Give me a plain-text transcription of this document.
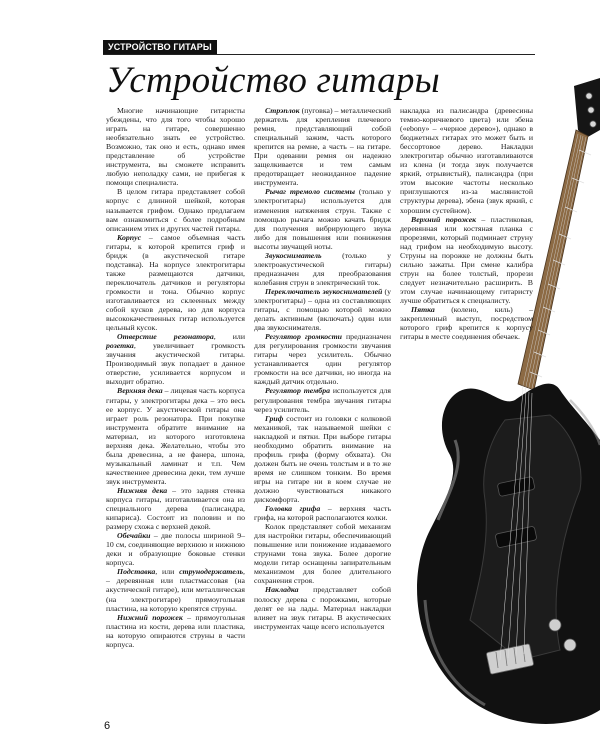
УСТРОЙСТВО ГИТАРЫ
Устройство гитары

Многие начинающие гитаристы убеждены, что для того чтобы хорошо играть на гитаре, совершенно необязательно знать ее устройство. Возможно, так оно и есть, однако имея представление об устройстве инструмента, вы сможете исправить любую неполадку сами, не прибегая к помощи специалиста.

В целом гитара представляет собой корпус с длинной шейкой, которая называется грифом. Однако предлагаем вам ознакомиться с более подробным описанием этих и других частей гитары.

Корпус – самое объемная часть гитары, к которой крепится гриф и бридж (в акустической гитаре подставка). На корпусе электрогитары также размещаются датчики, переключатель датчиков и регуляторы громкости и тона. Обычно корпус изготавливается из склеенных между собой кусков дерева, но для корпуса высококачественных гитар используется цельный кусок.

Отверстие резонатора, или розетка, увеличивает громкость звучания акустической гитары. Производимый звук попадает в данное отверстие, усиливается корпусом и выходит обратно.

Верхняя дека – лицевая часть корпуса гитары, у электрогитары дека – это весь ее корпус. У акустической гитары она играет роль резонатора. При покупке инструмента обратите внимание на материал, из которого изготовлена верхняя дека. Желательно, чтобы это была древесина, а не фанера, шпона, музыкальный ламинат и т.п. Чем качественнее древесина деки, тем лучше звук инструмента.

Нижняя дека – это задняя стенка корпуса гитары, изготавливается она из специального дерева (палисандра, кипариса). Состоит из половин и по размеру схожа с верхней декой.

Обечайки – две полосы шириной 9–10 см, соединяющие верхнюю и нижнюю деки и образующие боковые стенки корпуса.

Подставка, или струнодержатель, – деревянная или пластмассовая (на акустической гитаре), или металлическая (на электрогитаре) прямоугольная пластина, на которую крепятся струны.

Нижний порожек – прямоугольная пластина из кости, дерева или пластика, на которую опираются струны в части корпуса.

Стрэплок (пуговка) – металлический держатель для крепления плечевого ремня, представляющий собой специальный зажим, часть которого крепится на ремне, а часть – на гитаре. При одевании ремня он надежно защелкивается и тем самым предотвращает неожиданное падение инструмента.

Рычаг тремоло системы (только у электрогитары) используется для изменения натяжения струн. Также с помощью рычага можно качать бридж для получения вибрирующего звука либо для повышения или понижения высоты звучащей ноты.

Звукосниматель (только у электроакустической гитары) предназначен для преобразования колебания струн в электрический ток.

Переключатель звукоснимателей (у электрогитары) – одна из составляющих гитары, с помощью которой можно делать активным (включать) один или два звукоснимателя.

Регулятор громкости предназначен для регулирования громкости звучания гитары через усилитель. Обычно устанавливается один регулятор громкости на все датчики, но иногда на каждый датчик отдельно.

Регулятор тембра используется для регулирования тембра звучания гитары через усилитель.

Гриф состоит из головки с колковой механикой, так называемой шейки с накладкой и пятки. При выборе гитары необходимо обратить внимание на профиль грифа (форму обхвата). Он должен быть не очень толстым и в то же время не слишком тонким. Во время игры на гитаре ни в коем случае не должно чувствоваться никакого дискомфорта.

Головка грифа – верхняя часть грифа, на которой располагаются колки.

Колок представляет собой механизм для настройки гитары, обеспечивающий повышение или понижение издаваемого струнами тона звука. Более дорогие модели гитар оснащены запирательным механизмом для более длительного сохранения строя.

Накладка представляет собой полоску дерева с порожками, которые делят ее на лады. Материал накладки влияет на звук гитары. В акустических инструментах чаще всего используется

накладка из палисандра (древесины темно-коричневого цвета) или эбена («ebony» – «черное дерево»), однако в бюджетных гитарах это может быть и бессортовое дерево. Накладки электрогитар обычно изготавливаются из клена (и тогда звук получается яркий, отрывистый), палисандра (при этом высокие частоты несколько приглушаются из-за маслянистой структуры дерева), эбена (звук яркий, с хорошим сустейном).

Верхний порожек – пластиковая, деревянная или костяная планка с прорезями, который подминает струну над грифом на необходимую высоту. Струны на порожке не должны быть сильно зажаты. При смене калибра струн на более толстый, прорези следует незначительно расширить. В этом случае начинающему гитаристу лучше обратиться к специалисту.

Пятка (колено, киль) – закрепленный выступ, посредством которого гриф крепится к корпусу гитары в месте соединения обечаек.

6
